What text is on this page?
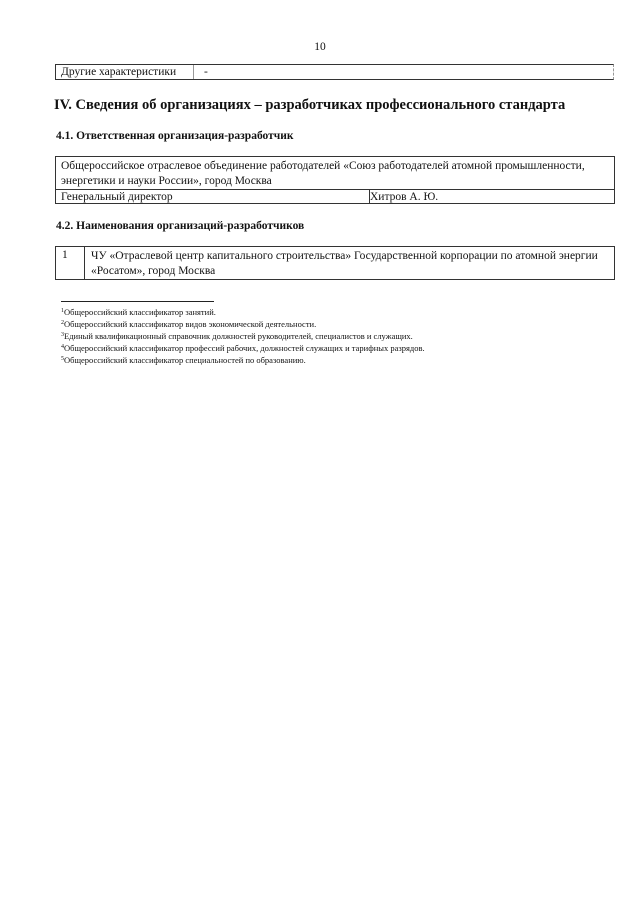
10
Другие характеристики -
IV. Сведения об организациях – разработчиках профессионального стандарта
4.1. Ответственная организация-разработчик
Общероссийское отраслевое объединение работодателей «Союз работодателей атомной промышленности, энергетики и науки России», город Москва
Генеральный директор	Хитров А. Ю.
4.2. Наименования организаций-разработчиков
1 ЧУ «Отраслевой центр капитального строительства» Государственной корпорации по атомной энергии «Росатом», город Москва
$^1$Общероссийский классификатор занятий.
$^2$Общероссийский классификатор видов экономической деятельности.
$^3$Единый квалификационный справочник должностей руководителей, специалистов и служащих.
$^4$Общероссийский классификатор профессий рабочих, должностей служащих и тарифных разрядов.
$^5$Общероссийский классификатор специальностей по образованию.
